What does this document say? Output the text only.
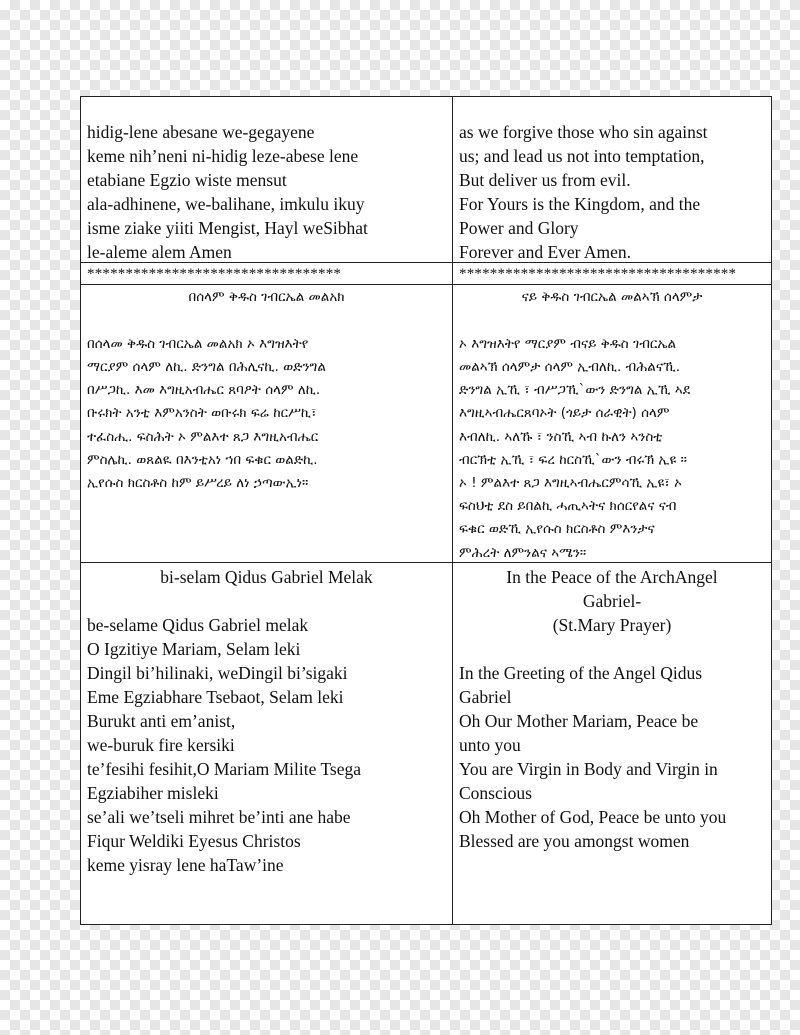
hidig-lene abesane we-gegayene
keme nih’neni ni-hidig leze-abese lene
etabiane Egzio wiste mensut
ala-adhinene, we-balihane, imkulu ikuy
isme ziake yiiti Mengist, Hayl weSibhat
le-aleme alem Amen
as we forgive those who sin against
us; and lead us not into temptation,
But deliver us from evil.
For Yours is the Kingdom, and the
Power and Glory
Forever and Ever Amen.
*********************************	************************************
በሰላም ቅዱስ ገብርኤል መልአክ
በሰላመ ቅዱስ ገብርኤል መልአክ ኦ እግዝእትየ
ማርያም ሰላም ለኪ. ድንግል በሕሊናኪ. ወድንግል
በሥጋኪ. እመ እግዚአብሔር ጸባዖት ሰላም ለኪ.
ቡሩክት አንቲ እምአንስት ወቡሩክ ፍሬ ከርሥኪ፣
ተፈስሒ. ፍስሕት ኦ ምልእተ ጸጋ እግዚአብሔር
ምስሌኪ. ወጸልዪ በእንቲአነ ኀበ ፍቁር ወልድኪ.
ኢየሱስ ክርስቶስ ከም ይሥረይ ለነ ኃጣውኢነ።
ናይ ቅዱስ ገብርኤል መልኣኽ ሰላምታ
ኦ እግዝእትየ ማርያም ብናይ ቅዱስ ገብርኤል
መልኣኽ ሰላምታ ሰላም ኢብለኪ. ብሕልናኺ.
ድንግል ኢኺ ፣ ብሥጋኺ`ውን ድንግል ኢኺ ኣደ
እግዚኣብሔርጸባኦት (ጎይታ ሰራዊት) ሰላም
እብለኪ. ኣለኹ ፣ ንስኺ ኣብ ኩለን ኣንስቲ
ብርኽቲ ኢኺ ፣ ፍረ ከርስኺ`ውን ብሩኽ ኢዩ ።
ኦ ! ምልእተ ጸጋ እግዚኣብሔርምሳኺ ኢዩ፣ ኦ
ፍስህቲ ደስ ይበልኪ ሓጢኣትና ክሰርየልና ናብ
ፍቁር ወድኺ ኢየሱስ ክርስቶስ ምእንታና
ምሕረት ለምንልና ኣሜን።
bi-selam Qidus Gabriel Melak
be-selame Qidus Gabriel melak
O Igzitiye Mariam, Selam leki
Dingil bi’hilinaki, weDingil bi’sigaki
Eme Egziabhare Tsebaot, Selam leki
Burukt anti em’anist,
we-buruk fire kersiki
te’fesihi fesihit,O Mariam Milite Tsega
Egziabiher misleki
se’ali we’tseli mihret be’inti ane habe
Fiqur Weldiki Eyesus Christos
keme yisray lene haTaw’ine
In the Peace of the ArchAngel
Gabriel-
(St.Mary Prayer)
In the Greeting of the Angel Qidus
Gabriel
Oh Our Mother Mariam, Peace be
unto you
You are Virgin in Body and Virgin in
Conscious
Oh Mother of God, Peace be unto you
Blessed are you amongst women
